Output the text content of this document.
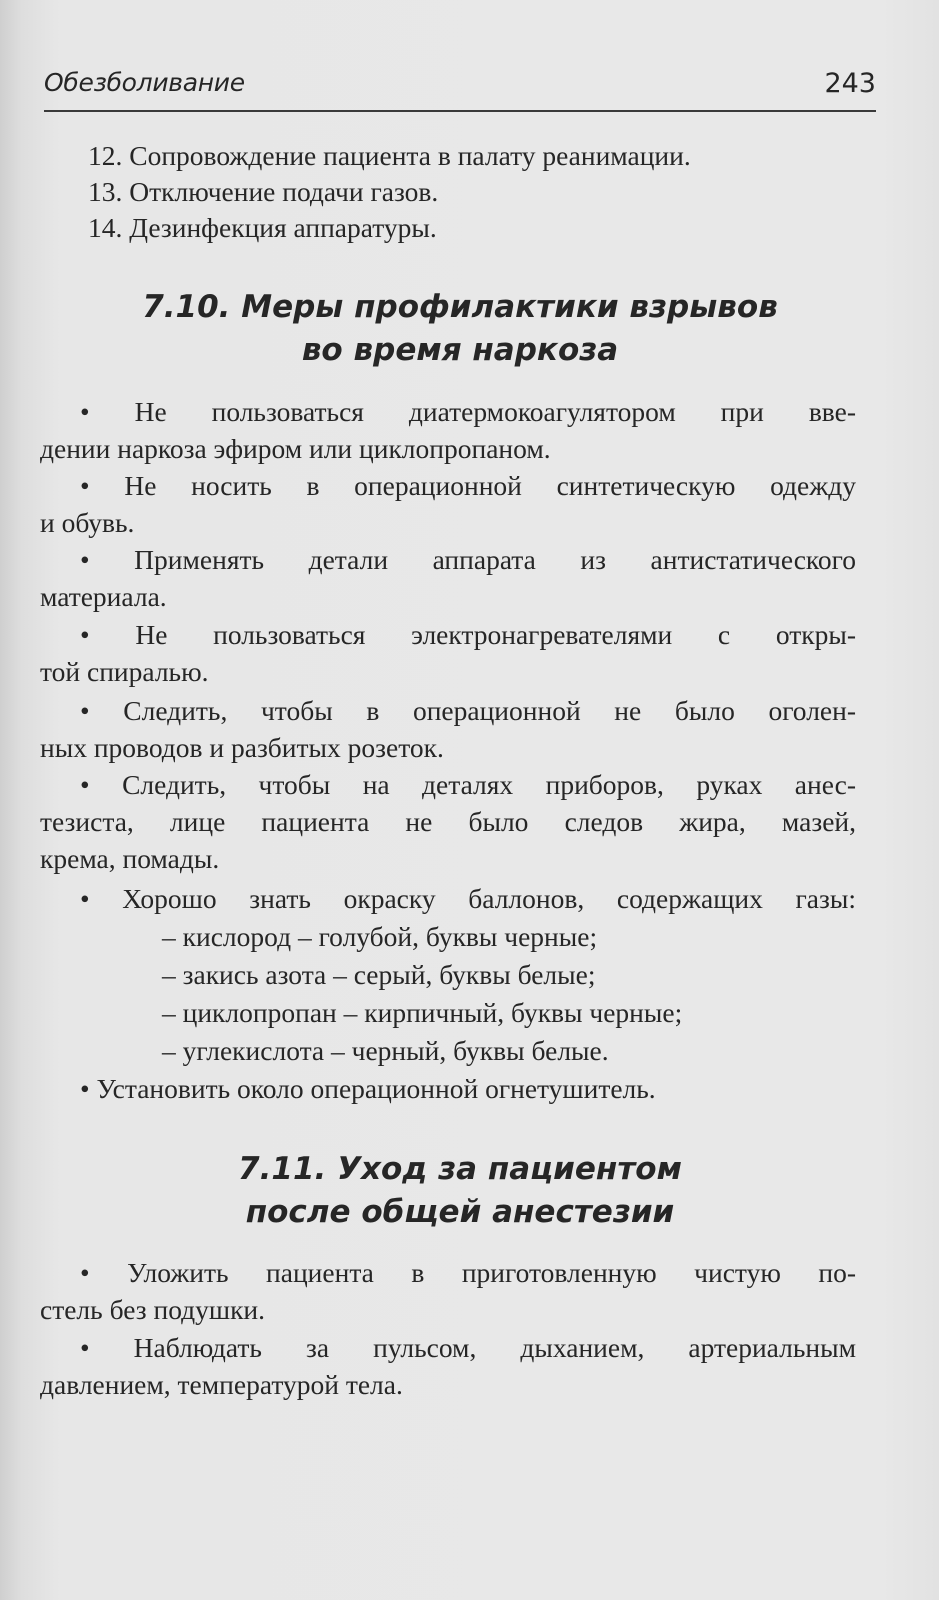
Обезболивание	243
12. Сопровождение пациента в палату реанимации.
13. Отключение подачи газов.
14. Дезинфекция аппаратуры.
7.10. Меры профилактики взрывов
во время наркоза

• Не пользоваться диатермокоагулятором при вве-
дении наркоза эфиром или циклопропаном.

• Не носить в операционной синтетическую одежду
и обувь.

• Применять детали аппарата из антистатического
материала.

• Не пользоваться электронагревателями с откры-
той спиралью.

• Следить, чтобы в операционной не было оголен-
ных проводов и разбитых розеток.

• Следить, чтобы на деталях приборов, руках анес-
тезиста, лице пациента не было следов жира, мазей,
крема, помады.

• Хорошо знать окраску баллонов, содержащих газы:

– кислород – голубой, буквы черные;
– закись азота – серый, буквы белые;
– циклопропан – кирпичный, буквы черные;
– углекислота – черный, буквы белые.

• Установить около операционной огнетушитель.

7.11. Уход за пациентом
после общей анестезии

• Уложить пациента в приготовленную чистую по-
стель без подушки.

• Наблюдать за пульсом, дыханием, артериальным
давлением, температурой тела.
